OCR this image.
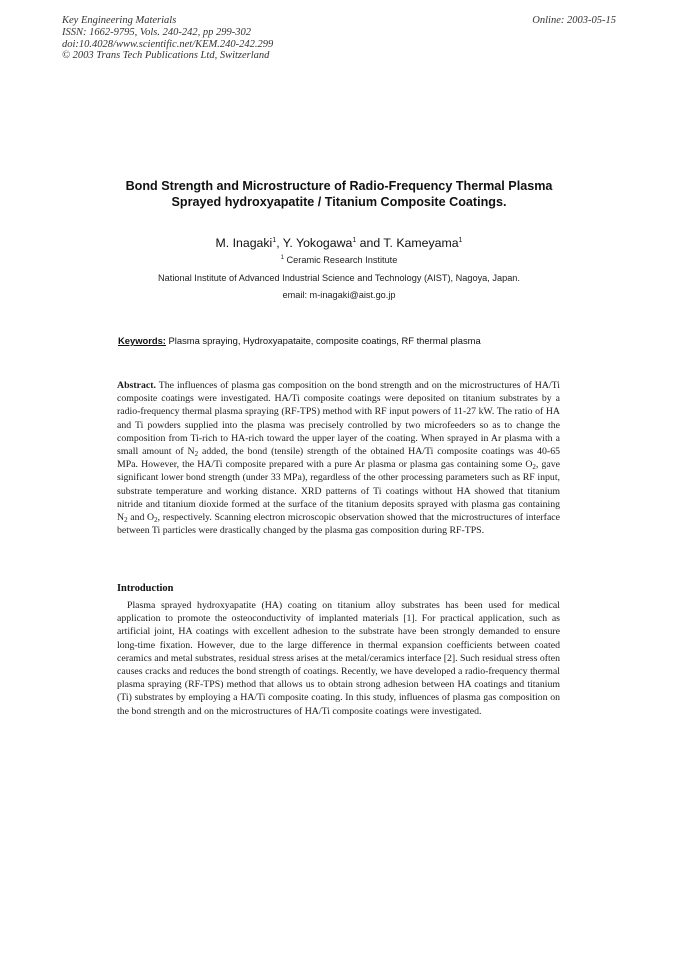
Key Engineering Materials
ISSN: 1662-9795, Vols. 240-242, pp 299-302
doi:10.4028/www.scientific.net/KEM.240-242.299
© 2003 Trans Tech Publications Ltd, Switzerland
Online: 2003-05-15
Bond Strength and Microstructure of Radio-Frequency Thermal Plasma
Sprayed hydroxyapatite / Titanium Composite Coatings.
M. Inagaki$^1$, Y. Yokogawa$^1$ and T. Kameyama$^1$
$^1$ Ceramic Research Institute
National Institute of Advanced Industrial Science and Technology (AIST), Nagoya, Japan.
email: m-inagaki@aist.go.jp
Keywords: Plasma spraying, Hydroxyapataite, composite coatings, RF thermal plasma
Abstract. The influences of plasma gas composition on the bond strength and on the microstructures of HA/Ti composite coatings were investigated. HA/Ti composite coatings were deposited on titanium substrates by a radio-frequency thermal plasma spraying (RF-TPS) method with RF input powers of 11-27 kW. The ratio of HA and Ti powders supplied into the plasma was precisely controlled by two microfeeders so as to change the composition from Ti-rich to HA-rich toward the upper layer of the coating. When sprayed in Ar plasma with a small amount of $N_2$ added, the bond (tensile) strength of the obtained HA/Ti composite coatings was 40-65 MPa. However, the HA/Ti composite prepared with a pure Ar plasma or plasma gas containing some $O_2$, gave significant lower bond strength (under 33 MPa), regardless of the other processing parameters such as RF input, substrate temperature and working distance. XRD patterns of Ti coatings without HA showed that titanium nitride and titanium dioxide formed at the surface of the titanium deposits sprayed with plasma gas containing $N_2$ and $O_2$, respectively. Scanning electron microscopic observation showed that the microstructures of interface between Ti particles were drastically changed by the plasma gas composition during RF-TPS.
Introduction
Plasma sprayed hydroxyapatite (HA) coating on titanium alloy substrates has been used for medical application to promote the osteoconductivity of implanted materials [1]. For practical application, such as artificial joint, HA coatings with excellent adhesion to the substrate have been strongly demanded to ensure long-time fixation. However, due to the large difference in thermal expansion coefficients between coated ceramics and metal substrates, residual stress arises at the metal/ceramics interface [2]. Such residual stress often causes cracks and reduces the bond strength of coatings. Recently, we have developed a radio-frequency thermal plasma spraying (RF-TPS) method that allows us to obtain strong adhesion between HA coatings and titanium (Ti) substrates by employing a HA/Ti composite coating. In this study, influences of plasma gas composition on the bond strength and on the microstructures of HA/Ti composite coatings were investigated.
